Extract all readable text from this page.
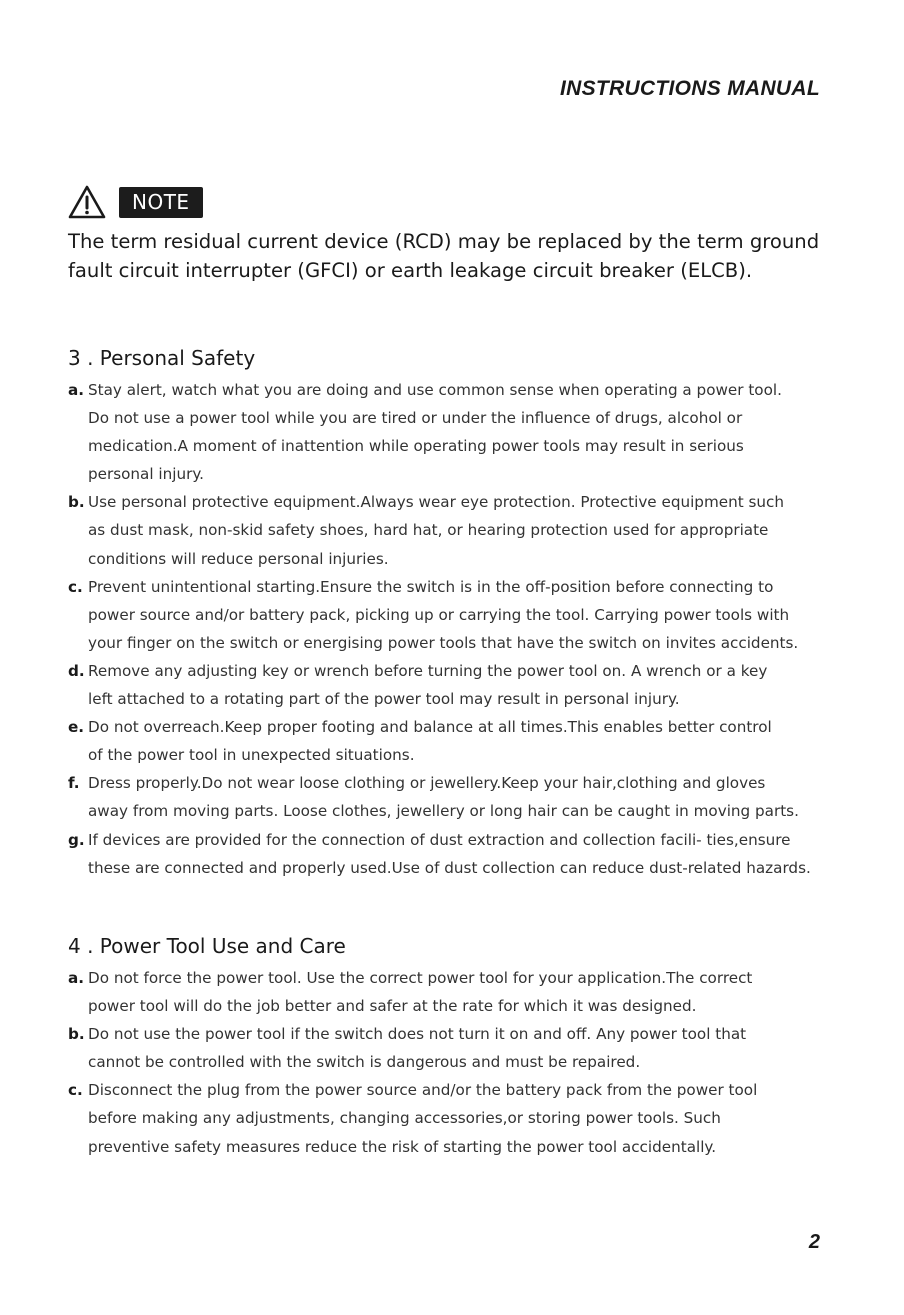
INSTRUCTIONS MANUAL
NOTE

The term residual current device (RCD) may be replaced by the term ground
fault circuit interrupter (GFCI) or earth leakage circuit breaker (ELCB).

3 . Personal Safety
a. Stay alert, watch what you are doing and use common sense when operating a power tool.
Do not use a power tool while you are tired or under the influence of drugs, alcohol or
medication.A moment of inattention while operating power tools may result in serious
personal injury.
b. Use personal protective equipment.Always wear eye protection. Protective equipment such
as dust mask, non-skid safety shoes, hard hat, or hearing protection used for appropriate
conditions will reduce personal injuries.
c. Prevent unintentional starting.Ensure the switch is in the off-position before connecting to
power source and/or battery pack, picking up or carrying the tool. Carrying power tools with
your finger on the switch or energising power tools that have the switch on invites accidents.
d. Remove any adjusting key or wrench before turning the power tool on. A wrench or a key
left attached to a rotating part of the power tool may result in personal injury.
e. Do not overreach.Keep proper footing and balance at all times.This enables better control
of the power tool in unexpected situations.
f. Dress properly.Do not wear loose clothing or jewellery.Keep your hair,clothing and gloves
away from moving parts. Loose clothes, jewellery or long hair can be caught in moving parts.
g. If devices are provided for the connection of dust extraction and collection facili- ties,ensure
these are connected and properly used.Use of dust collection can reduce dust-related hazards.
4 . Power Tool Use and Care
a. Do not force the power tool. Use the correct power tool for your application.The correct
power tool will do the job better and safer at the rate for which it was designed.
b. Do not use the power tool if the switch does not turn it on and off. Any power tool that
cannot be controlled with the switch is dangerous and must be repaired.
c. Disconnect the plug from the power source and/or the battery pack from the power tool
before making any adjustments, changing accessories,or storing power tools. Such
preventive safety measures reduce the risk of starting the power tool accidentally.
2
